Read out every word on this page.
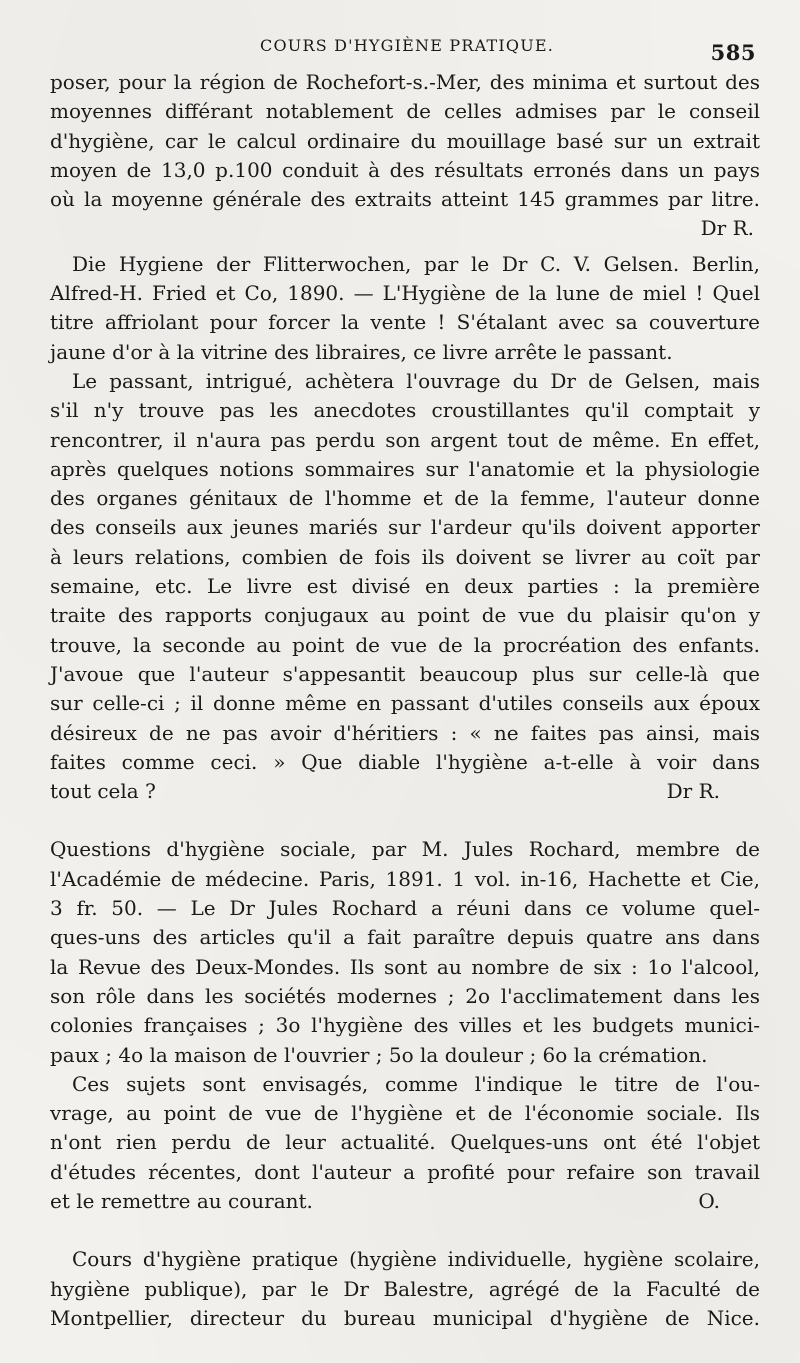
COURS D'HYGIÈNE PRATIQUE.	585
poser, pour la région de Rochefort-s.-Mer, des minima et surtout des
moyennes différant notablement de celles admises par le conseil
d'hygiène, car le calcul ordinaire du mouillage basé sur un extrait
moyen de 13,0 p.100 conduit à des résultats erronés dans un pays
où la moyenne générale des extraits atteint 145 grammes par litre.
Dr R.
Die Hygiene der Flitterwochen, par le Dr C. V. Gelsen. Berlin,
Alfred-H. Fried et Co, 1890. — L'Hygiène de la lune de miel ! Quel
titre affriolant pour forcer la vente ! S'étalant avec sa couverture
jaune d'or à la vitrine des libraires, ce livre arrête le passant.
Le passant, intrigué, achètera l'ouvrage du Dr de Gelsen, mais
s'il n'y trouve pas les anecdotes croustillantes qu'il comptait y
rencontrer, il n'aura pas perdu son argent tout de même. En effet,
après quelques notions sommaires sur l'anatomie et la physiologie
des organes génitaux de l'homme et de la femme, l'auteur donne
des conseils aux jeunes mariés sur l'ardeur qu'ils doivent apporter
à leurs relations, combien de fois ils doivent se livrer au coït par
semaine, etc. Le livre est divisé en deux parties : la première
traite des rapports conjugaux au point de vue du plaisir qu'on y
trouve, la seconde au point de vue de la procréation des enfants.
J'avoue que l'auteur s'appesantit beaucoup plus sur celle-là que
sur celle-ci ; il donne même en passant d'utiles conseils aux époux
désireux de ne pas avoir d'héritiers : « ne faites pas ainsi, mais
faites comme ceci. » Que diable l'hygiène a-t-elle à voir dans
tout cela ?	Dr R.
Questions d'hygiène sociale, par M. Jules Rochard, membre de
l'Académie de médecine. Paris, 1891. 1 vol. in-16, Hachette et Cie,
3 fr. 50. — Le Dr Jules Rochard a réuni dans ce volume quel-
ques-uns des articles qu'il a fait paraître depuis quatre ans dans
la Revue des Deux-Mondes. Ils sont au nombre de six : 1o l'alcool,
son rôle dans les sociétés modernes ; 2o l'acclimatement dans les
colonies françaises ; 3o l'hygiène des villes et les budgets munici-
paux ; 4o la maison de l'ouvrier ; 5o la douleur ; 6o la crémation.
Ces sujets sont envisagés, comme l'indique le titre de l'ou-
vrage, au point de vue de l'hygiène et de l'économie sociale. Ils
n'ont rien perdu de leur actualité. Quelques-uns ont été l'objet
d'études récentes, dont l'auteur a profité pour refaire son travail
et le remettre au courant.	O.
Cours d'hygiène pratique (hygiène individuelle, hygiène scolaire,
hygiène publique), par le Dr Balestre, agrégé de la Faculté de
Montpellier, directeur du bureau municipal d'hygiène de Nice.
